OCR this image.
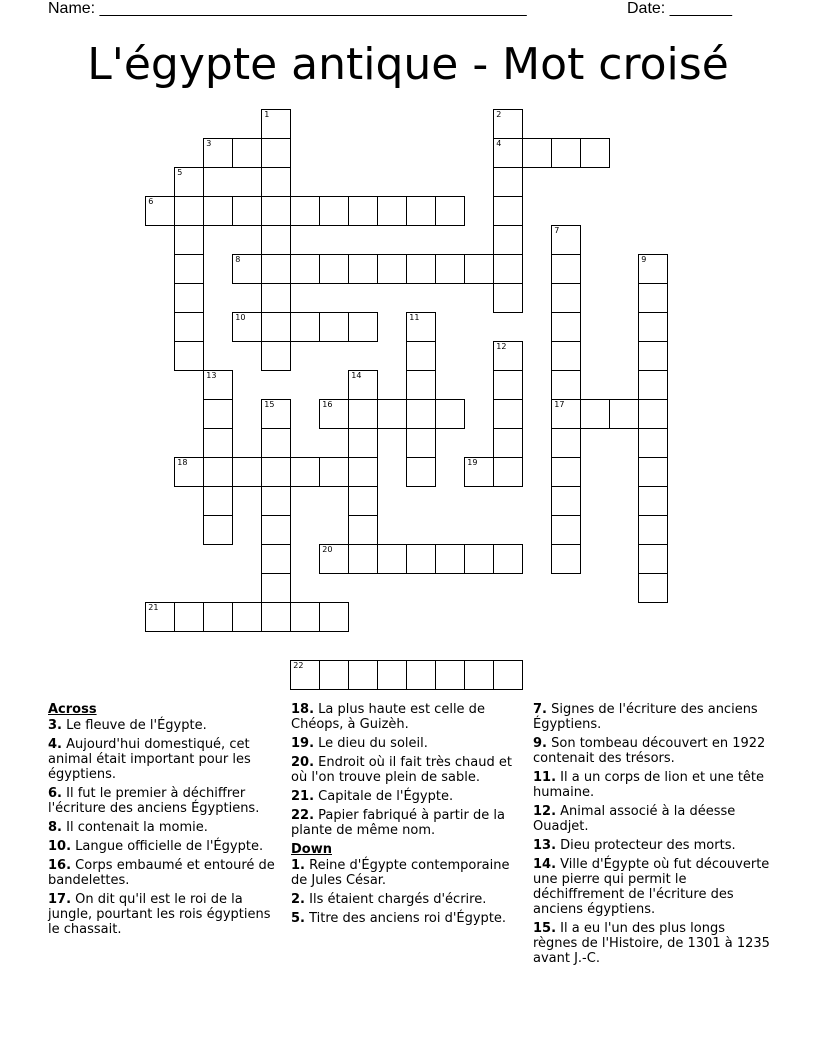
Name: ________________________________________________	Date: _______
L'égypte antique - Mot croisé
1	2
3	4
5
6
7
8	9
10	11
12
13	14
15	16	17
18	19
20
21
22
Across
3. Le fleuve de l'Égypte.
4. Aujourd'hui domestiqué, cet animal était important pour les égyptiens.
6. Il fut le premier à déchiffrer l'écriture des anciens Égyptiens.
8. Il contenait la momie.
10. Langue officielle de l'Égypte.
16. Corps embaumé et entouré de bandelettes.
17. On dit qu'il est le roi de la jungle, pourtant les rois égyptiens le chassait.
18. La plus haute est celle de Chéops, à Guizèh.
19. Le dieu du soleil.
20. Endroit où il fait très chaud et où l'on trouve plein de sable.
21. Capitale de l'Égypte.
22. Papier fabriqué à partir de la plante de même nom.
Down
1. Reine d'Égypte contemporaine de Jules César.
2. Ils étaient chargés d'écrire.
5. Titre des anciens roi d'Égypte.
7. Signes de l'écriture des anciens Égyptiens.
9. Son tombeau découvert en 1922 contenait des trésors.
11. Il a un corps de lion et une tête humaine.
12. Animal associé à la déesse Ouadjet.
13. Dieu protecteur des morts.
14. Ville d'Égypte où fut découverte une pierre qui permit le déchiffrement de l'écriture des anciens égyptiens.
15. Il a eu l'un des plus longs règnes de l'Histoire, de 1301 à 1235 avant J.-C.
